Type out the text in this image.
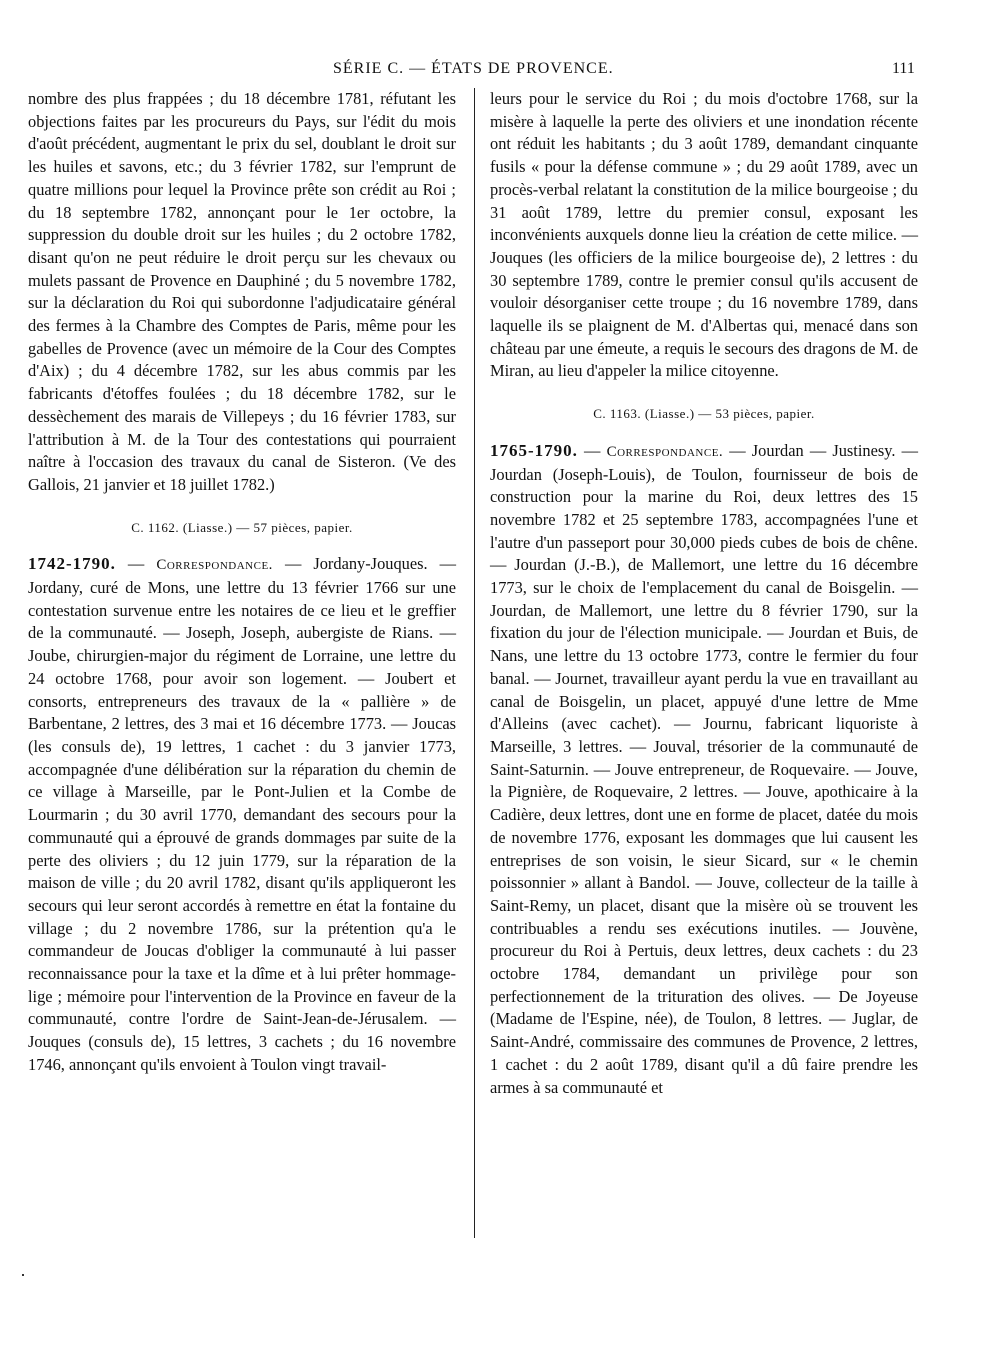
SÉRIE C. — ÉTATS DE PROVENCE.	111

nombre des plus frappées ; du 18 décembre 1781, réfutant les objections faites par les procureurs du Pays, sur l'édit du mois d'août précédent, augmentant le prix du sel, doublant le droit sur les huiles et savons, etc.; du 3 février 1782, sur l'emprunt de quatre millions pour lequel la Province prête son crédit au Roi ; du 18 septembre 1782, annonçant pour le 1er octobre, la suppression du double droit sur les huiles ; du 2 octobre 1782, disant qu'on ne peut réduire le droit perçu sur les chevaux ou mulets passant de Provence en Dauphiné ; du 5 novembre 1782, sur la déclaration du Roi qui subordonne l'adjudicataire général des fermes à la Chambre des Comptes de Paris, même pour les gabelles de Provence (avec un mémoire de la Cour des Comptes d'Aix) ; du 4 décembre 1782, sur les abus commis par les fabricants d'étoffes foulées ; du 18 décembre 1782, sur le dessèchement des marais de Villepeys ; du 16 février 1783, sur l'attribution à M. de la Tour des contestations qui pourraient naître à l'occasion des travaux du canal de Sisteron. (Ve des Gallois, 21 janvier et 18 juillet 1782.)

C. 1162. (Liasse.) — 57 pièces, papier.

1742-1790. — Correspondance. — Jordany-Jouques. — Jordany, curé de Mons, une lettre du 13 février 1766 sur une contestation survenue entre les notaires de ce lieu et le greffier de la communauté. — Joseph, Joseph, aubergiste de Rians. — Joube, chirurgien-major du régiment de Lorraine, une lettre du 24 octobre 1768, pour avoir son logement. — Joubert et consorts, entrepreneurs des travaux de la « pallière » de Barbentane, 2 lettres, des 3 mai et 16 décembre 1773. — Joucas (les consuls de), 19 lettres, 1 cachet : du 3 janvier 1773, accompagnée d'une délibération sur la réparation du chemin de ce village à Marseille, par le Pont-Julien et la Combe de Lourmarin ; du 30 avril 1770, demandant des secours pour la communauté qui a éprouvé de grands dommages par suite de la perte des oliviers ; du 12 juin 1779, sur la réparation de la maison de ville ; du 20 avril 1782, disant qu'ils appliqueront les secours qui leur seront accordés à remettre en état la fontaine du village ; du 2 novembre 1786, sur la prétention qu'a le commandeur de Joucas d'obliger la communauté à lui passer reconnaissance pour la taxe et la dîme et à lui prêter hommage-lige ; mémoire pour l'intervention de la Province en faveur de la communauté, contre l'ordre de Saint-Jean-de-Jérusalem. — Jouques (consuls de), 15 lettres, 3 cachets ; du 16 novembre 1746, annonçant qu'ils envoient à Toulon vingt travail-

leurs pour le service du Roi ; du mois d'octobre 1768, sur la misère à laquelle la perte des oliviers et une inondation récente ont réduit les habitants ; du 3 août 1789, demandant cinquante fusils « pour la défense commune » ; du 29 août 1789, avec un procès-verbal relatant la constitution de la milice bourgeoise ; du 31 août 1789, lettre du premier consul, exposant les inconvénients auxquels donne lieu la création de cette milice. — Jouques (les officiers de la milice bourgeoise de), 2 lettres : du 30 septembre 1789, contre le premier consul qu'ils accusent de vouloir désorganiser cette troupe ; du 16 novembre 1789, dans laquelle ils se plaignent de M. d'Albertas qui, menacé dans son château par une émeute, a requis le secours des dragons de M. de Miran, au lieu d'appeler la milice citoyenne.

C. 1163. (Liasse.) — 53 pièces, papier.

1765-1790. — Correspondance. — Jourdan — Justinesy. — Jourdan (Joseph-Louis), de Toulon, fournisseur de bois de construction pour la marine du Roi, deux lettres des 15 novembre 1782 et 25 septembre 1783, accompagnées l'une et l'autre d'un passeport pour 30,000 pieds cubes de bois de chêne. — Jourdan (J.-B.), de Mallemort, une lettre du 16 décembre 1773, sur le choix de l'emplacement du canal de Boisgelin. — Jourdan, de Mallemort, une lettre du 8 février 1790, sur la fixation du jour de l'élection municipale. — Jourdan et Buis, de Nans, une lettre du 13 octobre 1773, contre le fermier du four banal. — Journet, travailleur ayant perdu la vue en travaillant au canal de Boisgelin, un placet, appuyé d'une lettre de Mme d'Alleins (avec cachet). — Journu, fabricant liquoriste à Marseille, 3 lettres. — Jouval, trésorier de la communauté de Saint-Saturnin. — Jouve entrepreneur, de Roquevaire. — Jouve, la Pignière, de Roquevaire, 2 lettres. — Jouve, apothicaire à la Cadière, deux lettres, dont une en forme de placet, datée du mois de novembre 1776, exposant les dommages que lui causent les entreprises de son voisin, le sieur Sicard, sur « le chemin poissonnier » allant à Bandol. — Jouve, collecteur de la taille à Saint-Remy, un placet, disant que la misère où se trouvent les contribuables a rendu ses exécutions inutiles. — Jouvène, procureur du Roi à Pertuis, deux lettres, deux cachets : du 23 octobre 1784, demandant un privilège pour son perfectionnement de la trituration des olives. — De Joyeuse (Madame de l'Espine, née), de Toulon, 8 lettres. — Juglar, de Saint-André, commissaire des communes de Provence, 2 lettres, 1 cachet : du 2 août 1789, disant qu'il a dû faire prendre les armes à sa communauté et
